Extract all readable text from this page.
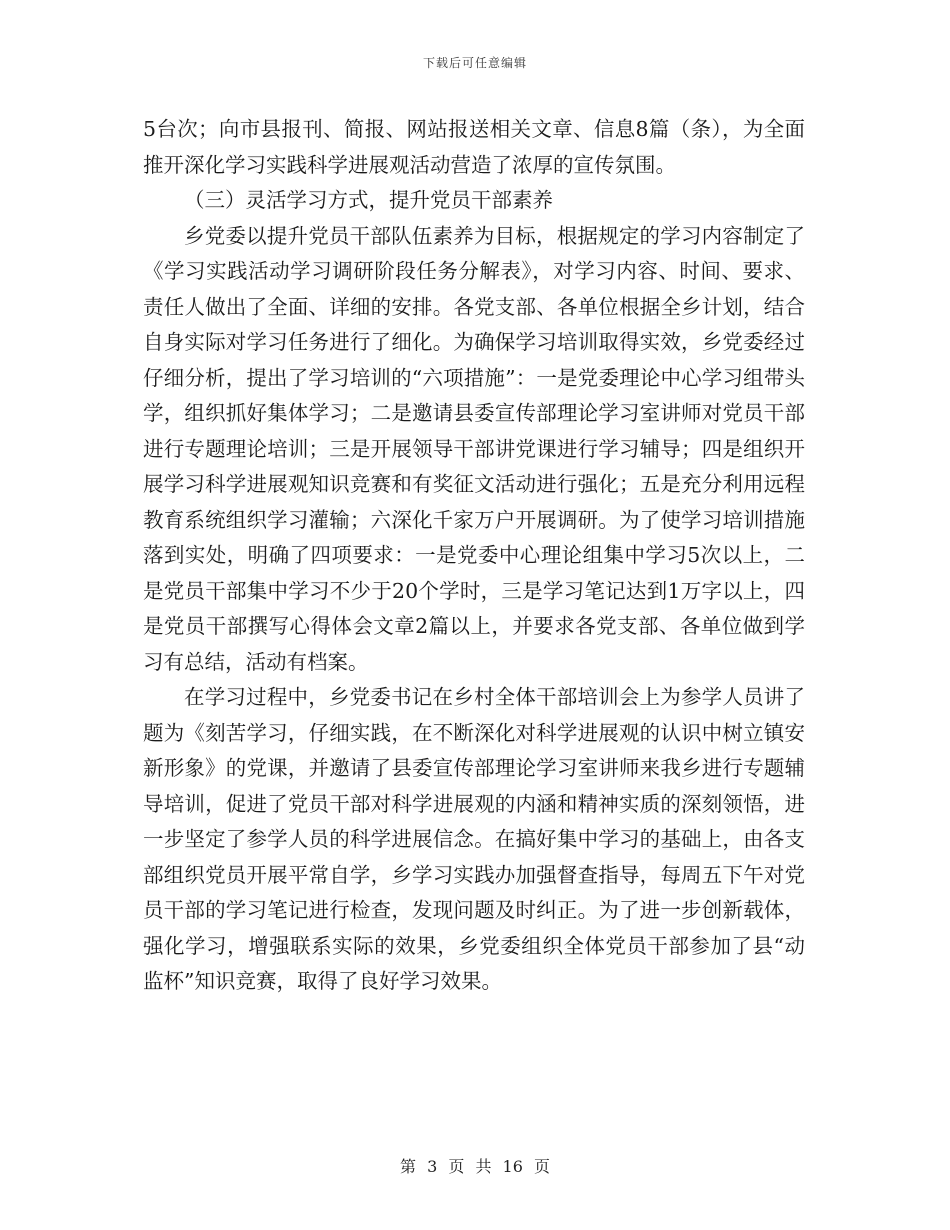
下载后可任意编辑

5台次；向市县报刊、简报、网站报送相关文章、信息8篇（条），为全面推开深化学习实践科学进展观活动营造了浓厚的宣传氛围。

（三）灵活学习方式，提升党员干部素养

乡党委以提升党员干部队伍素养为目标，根据规定的学习内容制定了《学习实践活动学习调研阶段任务分解表》，对学习内容、时间、要求、责任人做出了全面、详细的安排。各党支部、各单位根据全乡计划，结合自身实际对学习任务进行了细化。为确保学习培训取得实效，乡党委经过仔细分析，提出了学习培训的“六项措施”：一是党委理论中心学习组带头学，组织抓好集体学习；二是邀请县委宣传部理论学习室讲师对党员干部进行专题理论培训；三是开展领导干部讲党课进行学习辅导；四是组织开展学习科学进展观知识竞赛和有奖征文活动进行强化；五是充分利用远程教育系统组织学习灌输；六深化千家万户开展调研。为了使学习培训措施落到实处，明确了四项要求：一是党委中心理论组集中学习5次以上，二是党员干部集中学习不少于20个学时，三是学习笔记达到1万字以上，四是党员干部撰写心得体会文章2篇以上，并要求各党支部、各单位做到学习有总结，活动有档案。

在学习过程中，乡党委书记在乡村全体干部培训会上为参学人员讲了题为《刻苦学习，仔细实践，在不断深化对科学进展观的认识中树立镇安新形象》的党课，并邀请了县委宣传部理论学习室讲师来我乡进行专题辅导培训，促进了党员干部对科学进展观的内涵和精神实质的深刻领悟，进一步坚定了参学人员的科学进展信念。在搞好集中学习的基础上，由各支部组织党员开展平常自学，乡学习实践办加强督查指导，每周五下午对党员干部的学习笔记进行检查，发现问题及时纠正。为了进一步创新载体，强化学习，增强联系实际的效果，乡党委组织全体党员干部参加了县“动监杯”知识竞赛，取得了良好学习效果。

第 3 页 共 16 页
